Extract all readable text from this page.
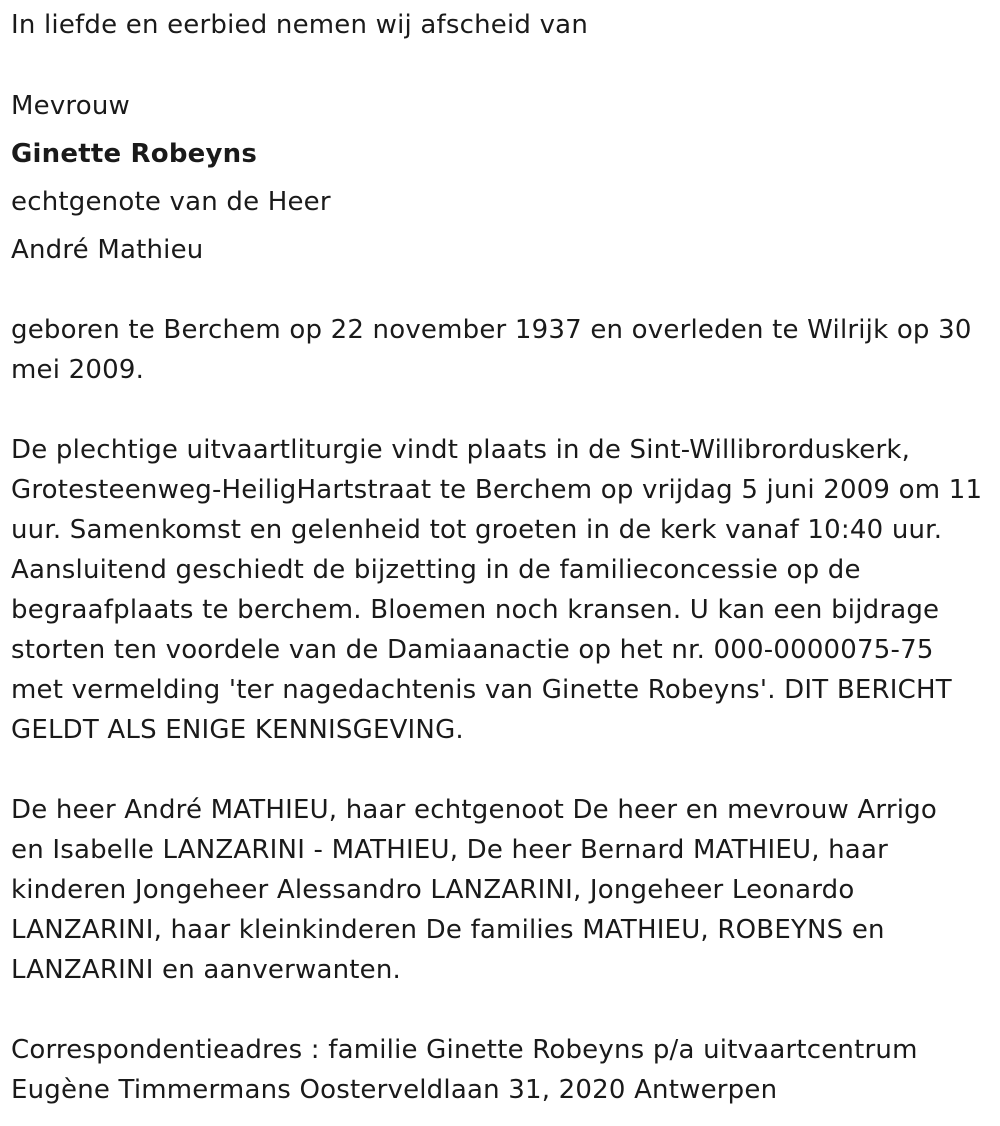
In liefde en eerbied nemen wij afscheid van
Mevrouw
Ginette Robeyns
echtgenote van de Heer
André Mathieu
geboren te Berchem op 22 november 1937 en overleden te Wilrijk op 30 mei 2009.
De plechtige uitvaartliturgie vindt plaats in de Sint-Willibrorduskerk,
Grotesteenweg-HeiligHartstraat te Berchem op vrijdag 5 juni 2009 om 11
uur. Samenkomst en gelenheid tot groeten in de kerk vanaf 10:40 uur.
Aansluitend geschiedt de bijzetting in de familieconcessie op de
begraafplaats te berchem. Bloemen noch kransen. U kan een bijdrage
storten ten voordele van de Damiaanactie op het nr. 000-0000075-75
met vermelding 'ter nagedachtenis van Ginette Robeyns'. DIT BERICHT
GELDT ALS ENIGE KENNISGEVING.
De heer André MATHIEU, haar echtgenoot De heer en mevrouw Arrigo
en Isabelle LANZARINI - MATHIEU, De heer Bernard MATHIEU, haar
kinderen Jongeheer Alessandro LANZARINI, Jongeheer Leonardo
LANZARINI, haar kleinkinderen De families MATHIEU, ROBEYNS en
LANZARINI en aanverwanten.
Correspondentieadres : familie Ginette Robeyns p/a uitvaartcentrum
Eugène Timmermans Oosterveldlaan 31, 2020 Antwerpen
